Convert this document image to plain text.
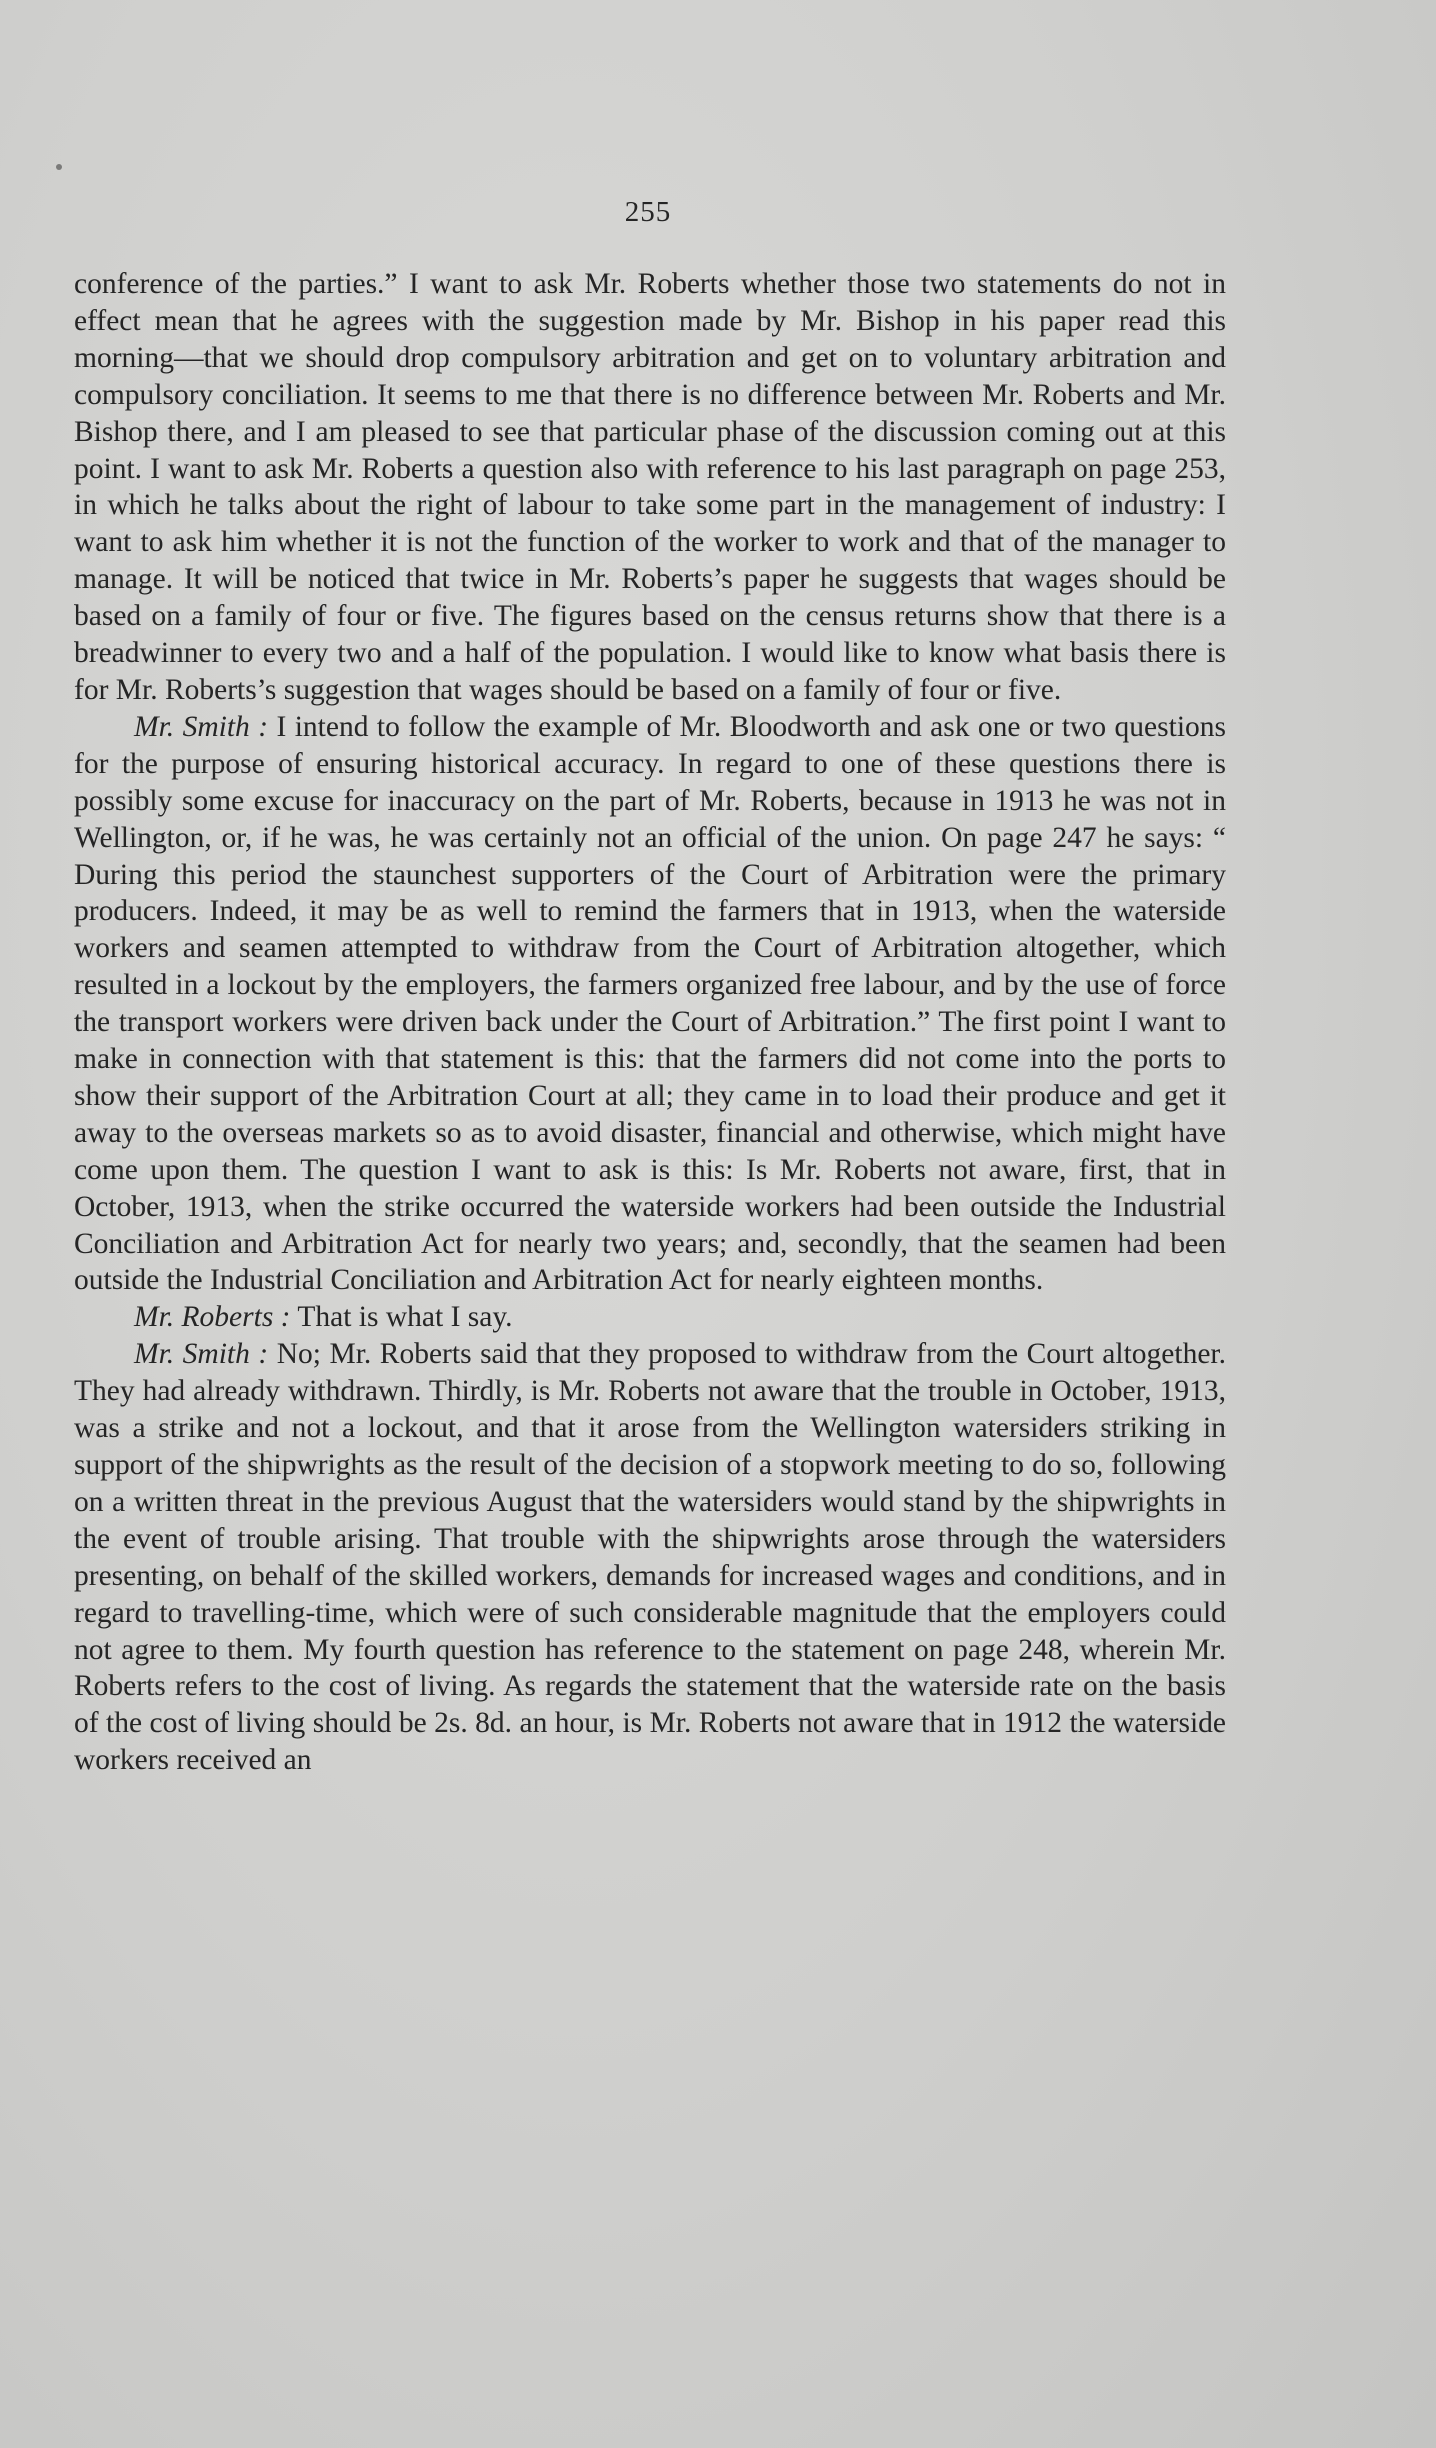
255

conference of the parties.” I want to ask Mr. Roberts whether those two statements do not in effect mean that he agrees with the suggestion made by Mr. Bishop in his paper read this morning—that we should drop compulsory arbitration and get on to voluntary arbitration and compulsory conciliation. It seems to me that there is no difference between Mr. Roberts and Mr. Bishop there, and I am pleased to see that particular phase of the discussion coming out at this point. I want to ask Mr. Roberts a question also with reference to his last paragraph on page 253, in which he talks about the right of labour to take some part in the management of industry: I want to ask him whether it is not the function of the worker to work and that of the manager to manage. It will be noticed that twice in Mr. Roberts’s paper he suggests that wages should be based on a family of four or five. The figures based on the census returns show that there is a breadwinner to every two and a half of the population. I would like to know what basis there is for Mr. Roberts’s suggestion that wages should be based on a family of four or five.

Mr. Smith : I intend to follow the example of Mr. Bloodworth and ask one or two questions for the purpose of ensuring historical accuracy. In regard to one of these questions there is possibly some excuse for inaccuracy on the part of Mr. Roberts, because in 1913 he was not in Wellington, or, if he was, he was certainly not an official of the union. On page 247 he says: “ During this period the staunchest supporters of the Court of Arbitration were the primary producers. Indeed, it may be as well to remind the farmers that in 1913, when the waterside workers and seamen attempted to withdraw from the Court of Arbitration altogether, which resulted in a lockout by the employers, the farmers organized free labour, and by the use of force the transport workers were driven back under the Court of Arbitration.” The first point I want to make in connection with that statement is this: that the farmers did not come into the ports to show their support of the Arbitration Court at all; they came in to load their produce and get it away to the overseas markets so as to avoid disaster, financial and otherwise, which might have come upon them. The question I want to ask is this: Is Mr. Roberts not aware, first, that in October, 1913, when the strike occurred the waterside workers had been outside the Industrial Conciliation and Arbitration Act for nearly two years; and, secondly, that the seamen had been outside the Industrial Conciliation and Arbitration Act for nearly eighteen months.

Mr. Roberts : That is what I say.

Mr. Smith : No; Mr. Roberts said that they proposed to withdraw from the Court altogether. They had already withdrawn. Thirdly, is Mr. Roberts not aware that the trouble in October, 1913, was a strike and not a lockout, and that it arose from the Wellington watersiders striking in support of the shipwrights as the result of the decision of a stopwork meeting to do so, following on a written threat in the previous August that the watersiders would stand by the shipwrights in the event of trouble arising. That trouble with the shipwrights arose through the watersiders presenting, on behalf of the skilled workers, demands for increased wages and conditions, and in regard to travelling-time, which were of such considerable magnitude that the employers could not agree to them. My fourth question has reference to the statement on page 248, wherein Mr. Roberts refers to the cost of living. As regards the statement that the waterside rate on the basis of the cost of living should be 2s. 8d. an hour, is Mr. Roberts not aware that in 1912 the waterside workers received an
